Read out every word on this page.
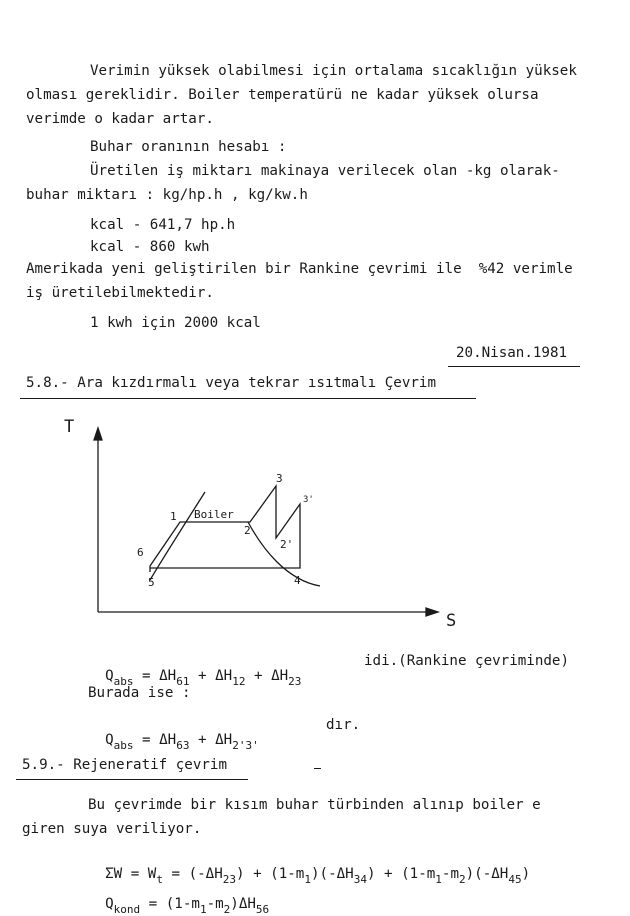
Verimin yüksek olabilmesi için ortalama sıcaklığın yüksek
olması gereklidir. Boiler temperatürü ne kadar yüksek olursa
verimde o kadar artar.
Buhar oranının hesabı :
Üretilen iş miktarı makinaya verilecek olan -kg olarak-
buhar miktarı : kg/hp.h , kg/kw.h
kcal - 641,7 hp.h
kcal - 860 kwh
Amerikada yeni geliştirilen bir Rankine çevrimi ile  %42 verimle
iş üretilebilmektedir.
1 kwh için 2000 kcal
20.Nisan.1981
5.8.- Ara kızdırmalı veya tekrar ısıtmalı Çevrim
T
S
1 Boiler
2
3
3'
2'
4
5
6

$Q_{abs} = \Delta H_{61} + \Delta H_{12} + \Delta H_{23}$

idi.(Rankine çevriminde)
Burada ise :

$Q_{abs} = \Delta H_{63} + \Delta H_{2'3'}$

dır.
5.9.- Rejeneratif çevrim
Bu çevrimde bir kısım buhar türbinden alınıp boiler e
giren suya veriliyor.

$\Sigma W = W_t = (-\Delta H_{23}) + (1-m_1)(-\Delta H_{34}) + (1-m_1-m_2)(-\Delta H_{45})$

$Q_{kond} = (1-m_1-m_2)\Delta H_{56}$
